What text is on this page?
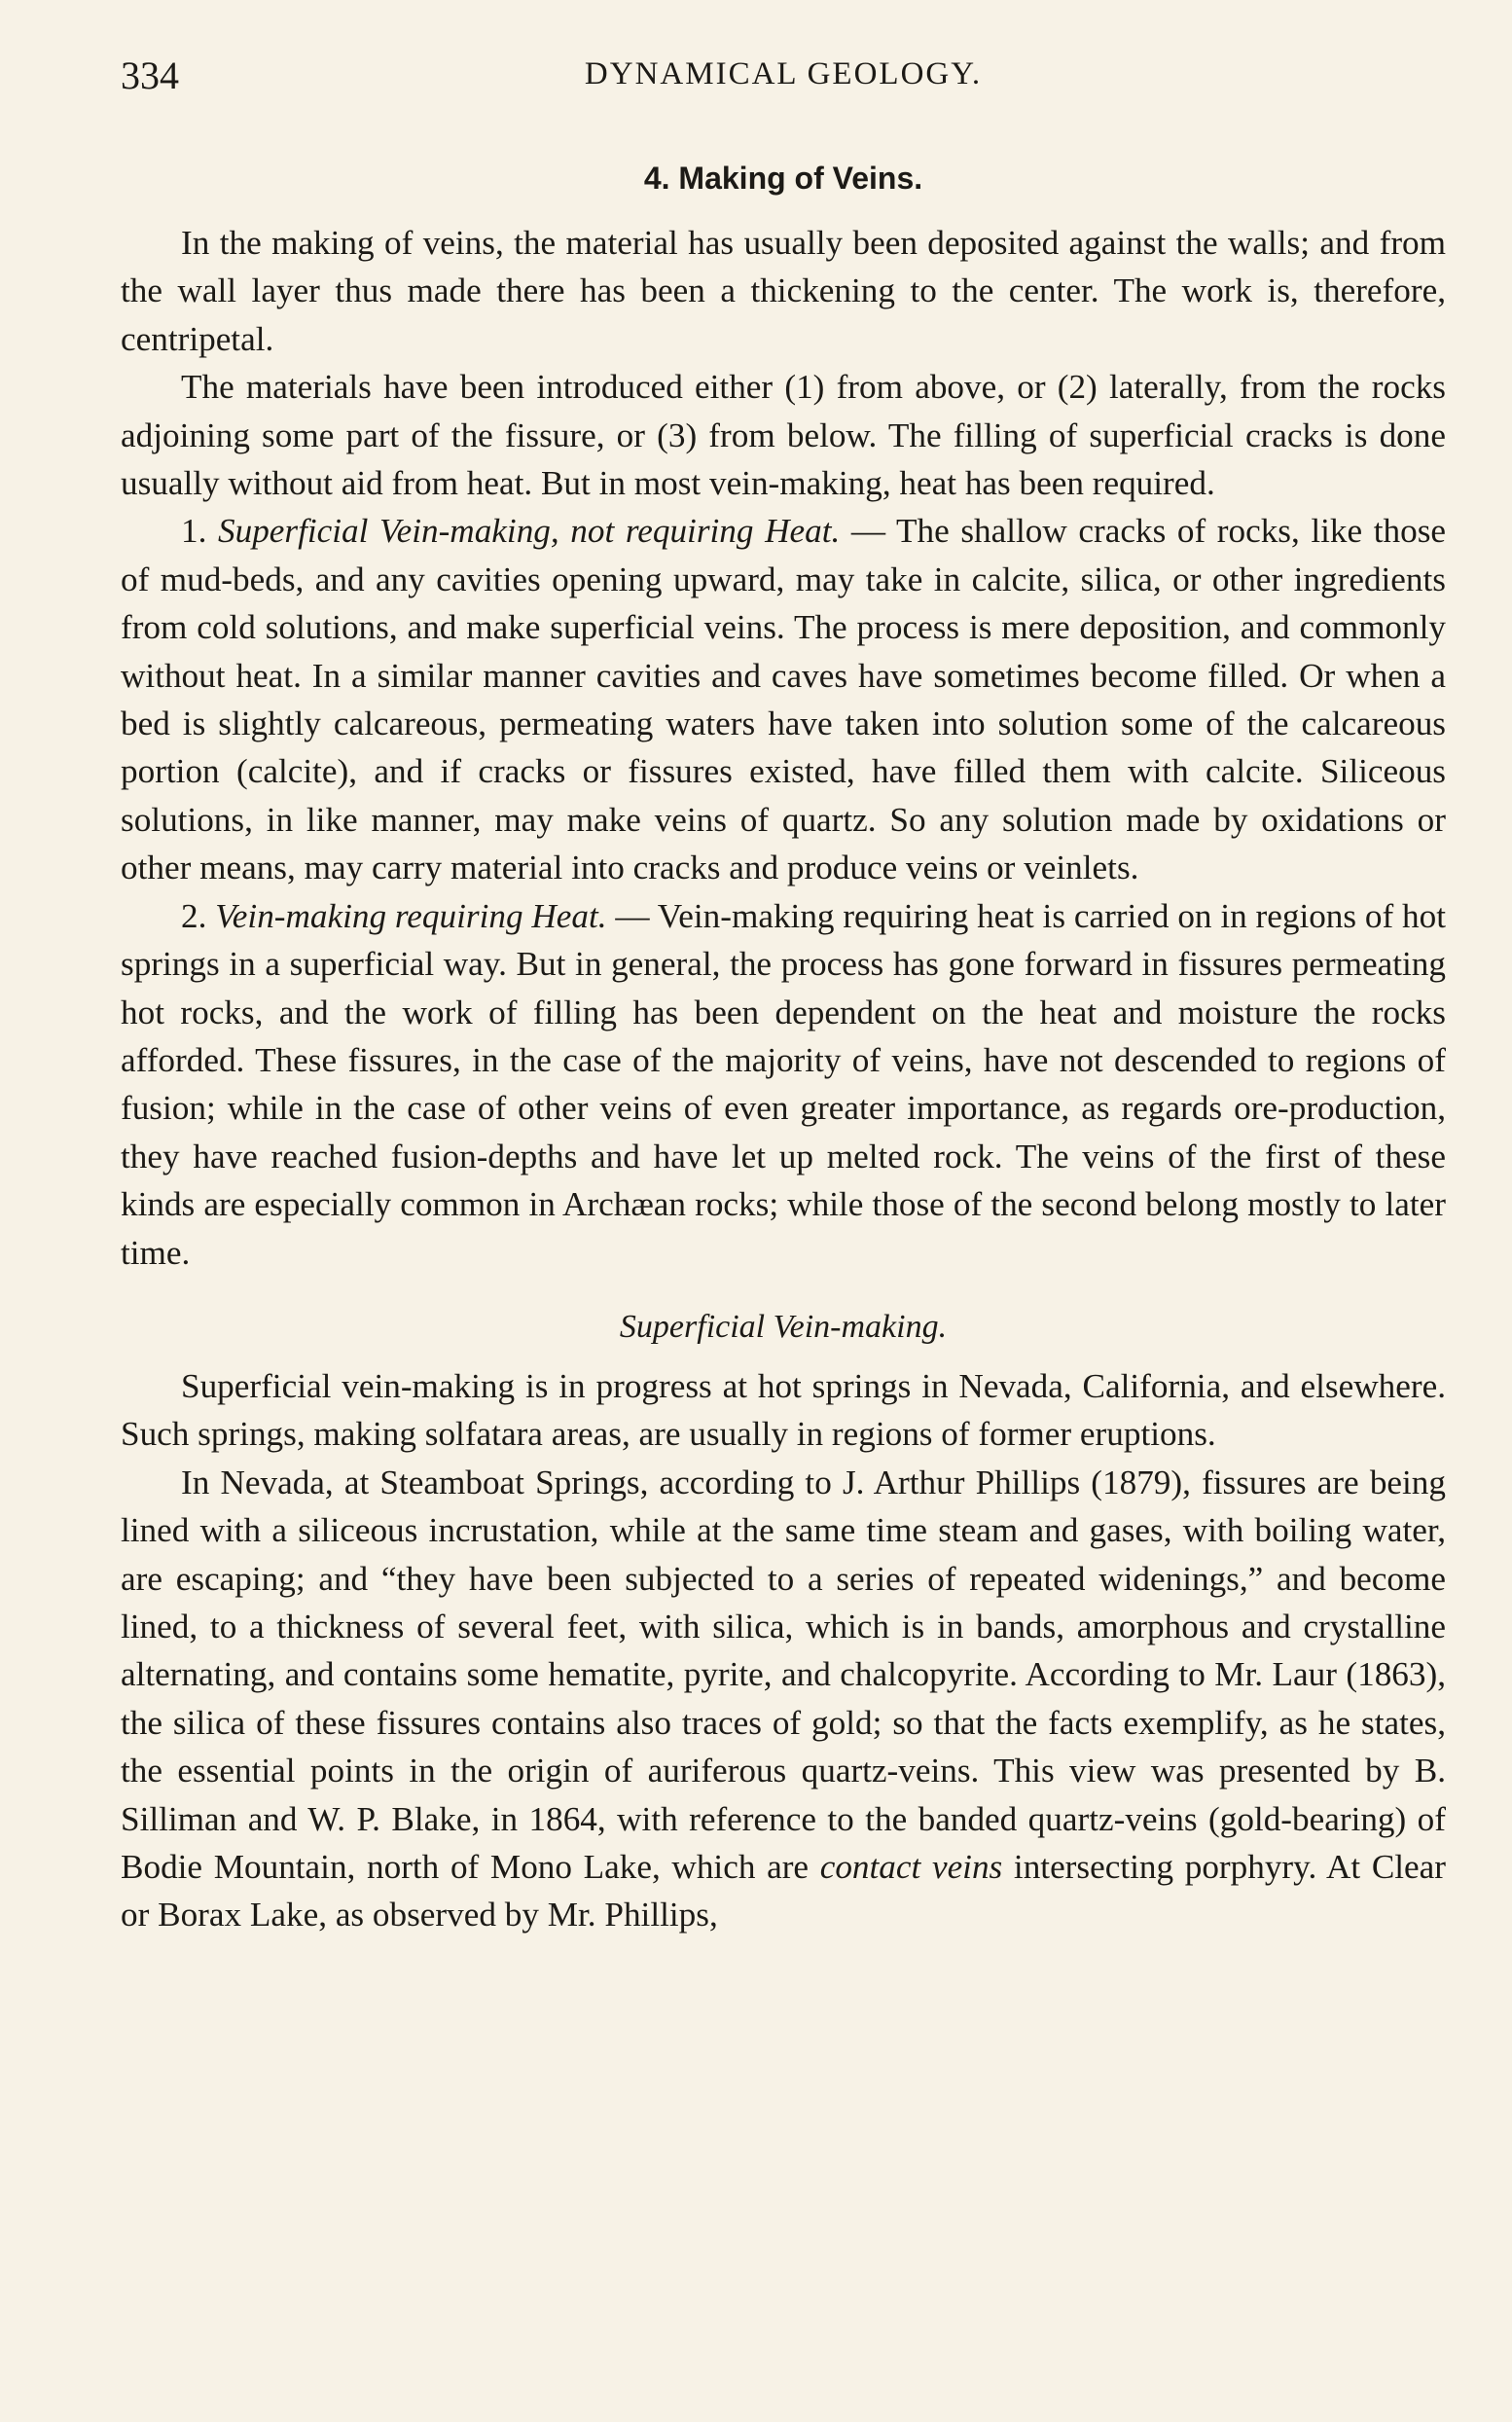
334	DYNAMICAL GEOLOGY.
4. Making of Veins.

In the making of veins, the material has usually been deposited against the walls; and from the wall layer thus made there has been a thickening to the center. The work is, therefore, centripetal.

The materials have been introduced either (1) from above, or (2) laterally, from the rocks adjoining some part of the fissure, or (3) from below. The filling of superficial cracks is done usually without aid from heat. But in most vein-making, heat has been required.

1. Superficial Vein-making, not requiring Heat. — The shallow cracks of rocks, like those of mud-beds, and any cavities opening upward, may take in calcite, silica, or other ingredients from cold solutions, and make superficial veins. The process is mere deposition, and commonly without heat. In a similar manner cavities and caves have sometimes become filled. Or when a bed is slightly calcareous, permeating waters have taken into solution some of the calcareous portion (calcite), and if cracks or fissures existed, have filled them with calcite. Siliceous solutions, in like manner, may make veins of quartz. So any solution made by oxidations or other means, may carry material into cracks and produce veins or veinlets.

2. Vein-making requiring Heat. — Vein-making requiring heat is carried on in regions of hot springs in a superficial way. But in general, the process has gone forward in fissures permeating hot rocks, and the work of filling has been dependent on the heat and moisture the rocks afforded. These fissures, in the case of the majority of veins, have not descended to regions of fusion; while in the case of other veins of even greater importance, as regards ore-production, they have reached fusion-depths and have let up melted rock. The veins of the first of these kinds are especially common in Archæan rocks; while those of the second belong mostly to later time.

Superficial Vein-making.

Superficial vein-making is in progress at hot springs in Nevada, California, and elsewhere. Such springs, making solfatara areas, are usually in regions of former eruptions.

In Nevada, at Steamboat Springs, according to J. Arthur Phillips (1879), fissures are being lined with a siliceous incrustation, while at the same time steam and gases, with boiling water, are escaping; and “they have been subjected to a series of repeated widenings,” and become lined, to a thickness of several feet, with silica, which is in bands, amorphous and crystalline alternating, and contains some hematite, pyrite, and chalcopyrite. According to Mr. Laur (1863), the silica of these fissures contains also traces of gold; so that the facts exemplify, as he states, the essential points in the origin of auriferous quartz-veins. This view was presented by B. Silliman and W. P. Blake, in 1864, with reference to the banded quartz-veins (gold-bearing) of Bodie Mountain, north of Mono Lake, which are contact veins intersecting porphyry. At Clear or Borax Lake, as observed by Mr. Phillips,
